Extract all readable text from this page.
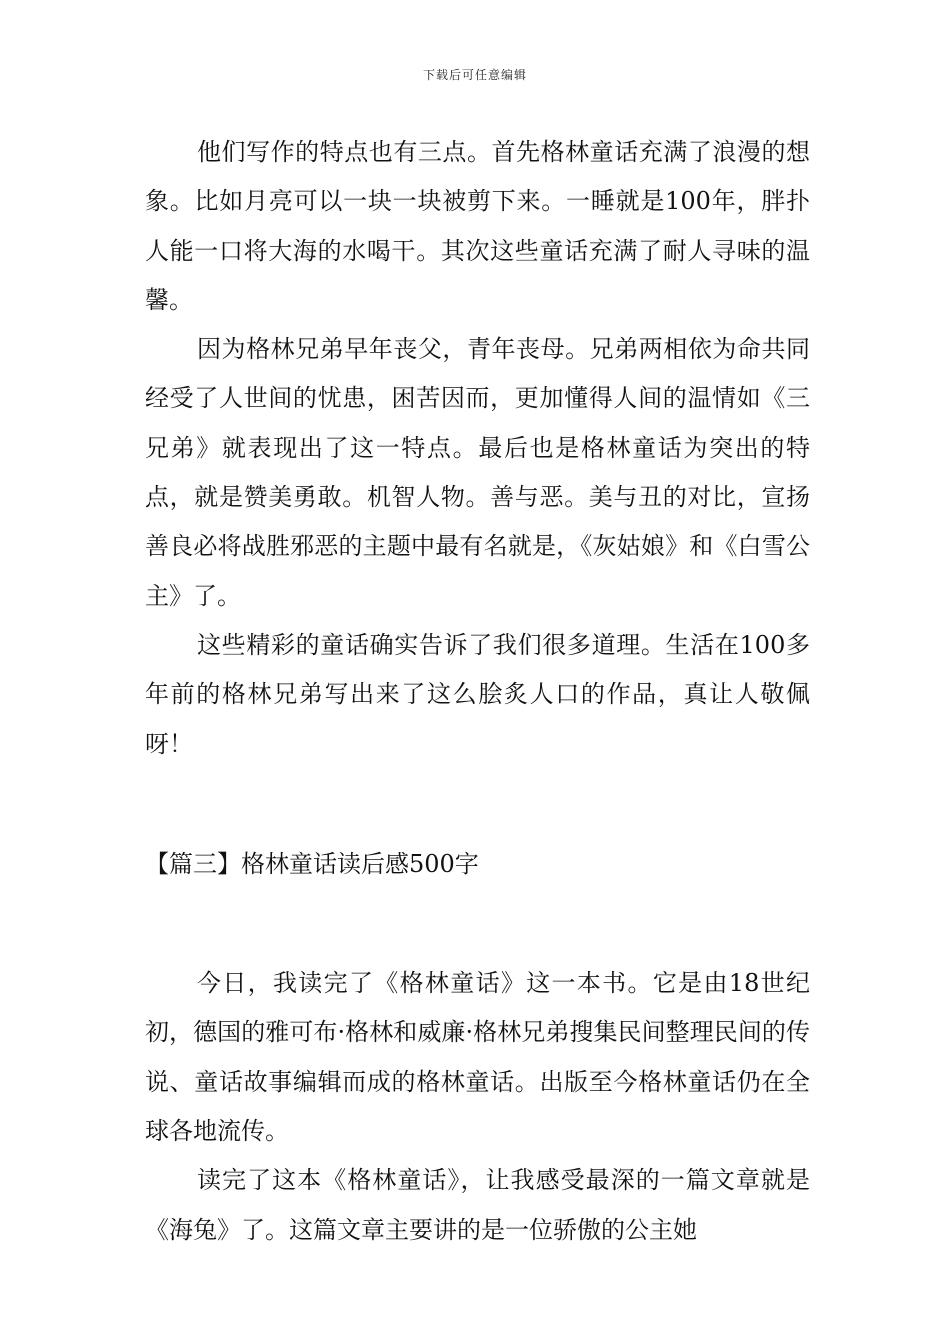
下载后可任意编辑

他们写作的特点也有三点。首先格林童话充满了浪漫的想象。比如月亮可以一块一块被剪下来。一睡就是100年，胖扑人能一口将大海的水喝干。其次这些童话充满了耐人寻味的温馨。

因为格林兄弟早年丧父，青年丧母。兄弟两相依为命共同经受了人世间的忧患，困苦因而，更加懂得人间的温情如《三兄弟》就表现出了这一特点。最后也是格林童话为突出的特点，就是赞美勇敢。机智人物。善与恶。美与丑的对比，宣扬善良必将战胜邪恶的主题中最有名就是，《灰姑娘》和《白雪公主》了。

这些精彩的童话确实告诉了我们很多道理。生活在100多年前的格林兄弟写出来了这么脍炙人口的作品，真让人敬佩呀！

【篇三】格林童话读后感500字

今日，我读完了《格林童话》这一本书。它是由18世纪初，德国的雅可布·格林和威廉·格林兄弟搜集民间整理民间的传说、童话故事编辑而成的格林童话。出版至今格林童话仍在全球各地流传。

读完了这本《格林童话》，让我感受最深的一篇文章就是《海兔》了。这篇文章主要讲的是一位骄傲的公主她
